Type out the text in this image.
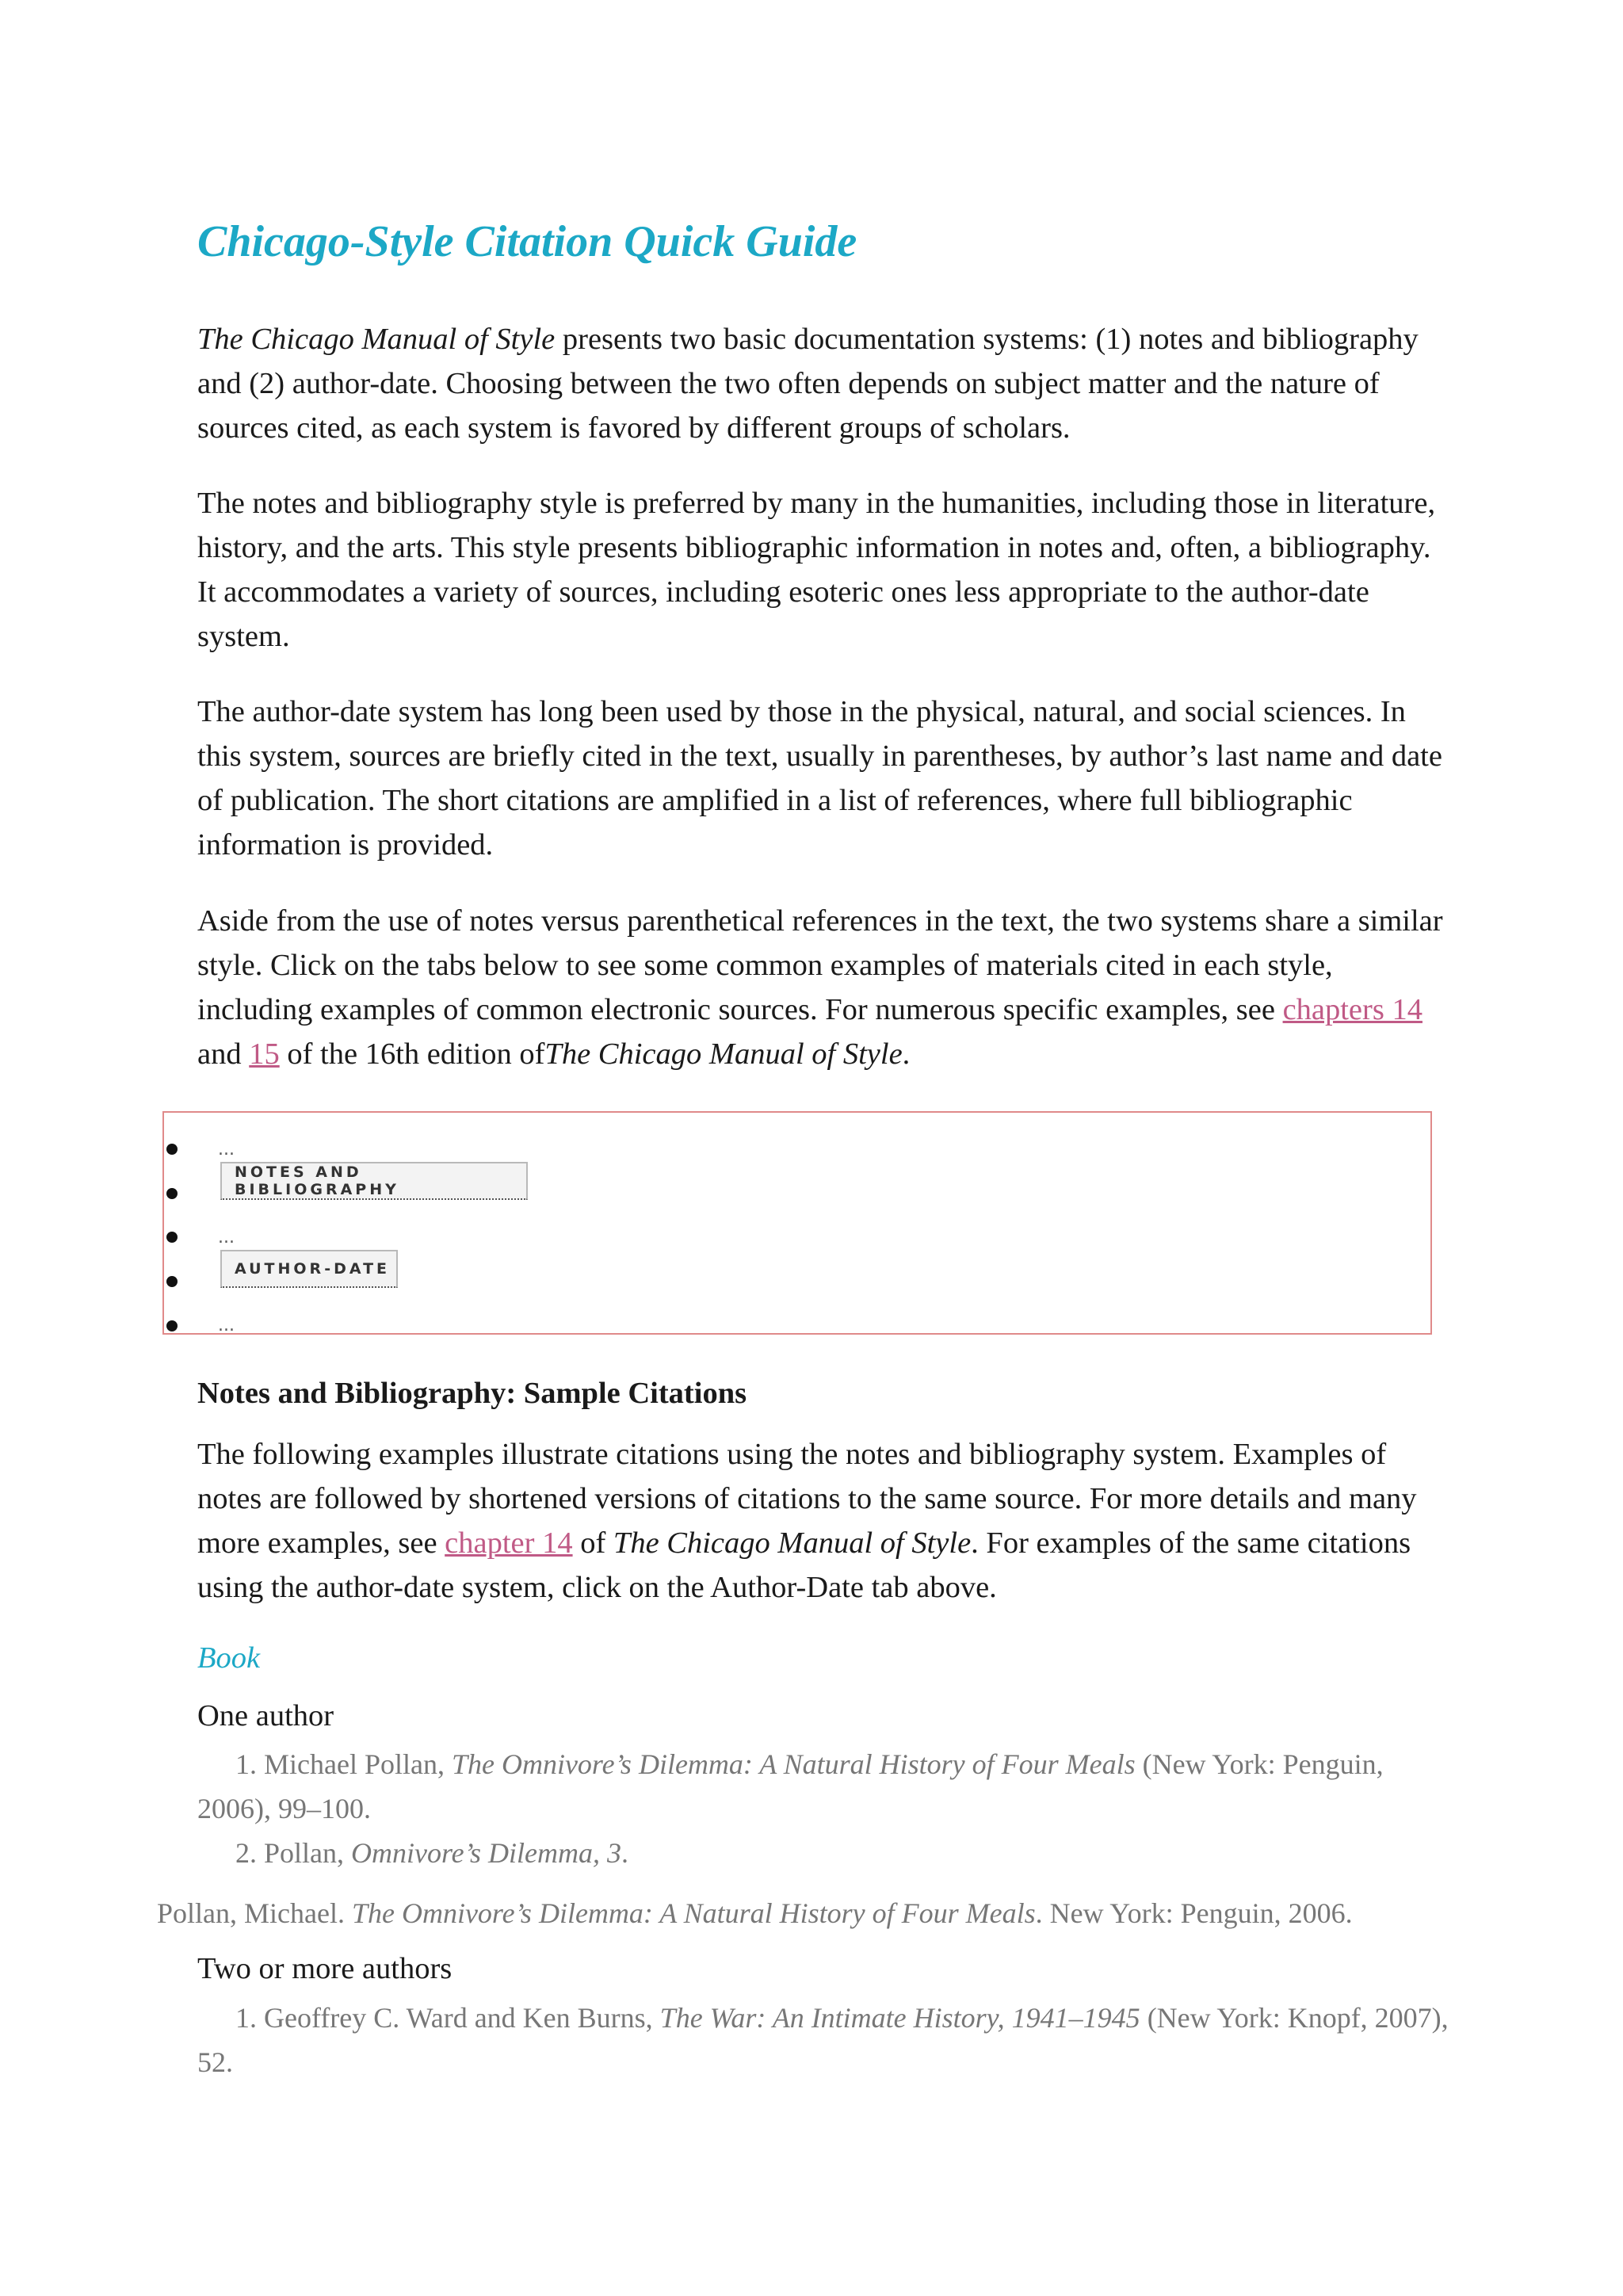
Chicago-Style Citation Quick Guide

The Chicago Manual of Style presents two basic documentation systems: (1) notes and bibliography and (2) author-date. Choosing between the two often depends on subject matter and the nature of sources cited, as each system is favored by different groups of scholars.

The notes and bibliography style is preferred by many in the humanities, including those in literature, history, and the arts. This style presents bibliographic information in notes and, often, a bibliography. It accommodates a variety of sources, including esoteric ones less appropriate to the author-date system.

The author-date system has long been used by those in the physical, natural, and social sciences. In this system, sources are briefly cited in the text, usually in parentheses, by author’s last name and date of publication. The short citations are amplified in a list of references, where full bibliographic information is provided.

Aside from the use of notes versus parenthetical references in the text, the two systems share a similar style. Click on the tabs below to see some common examples of materials cited in each style, including examples of common electronic sources. For numerous specific examples, see chapters 14 and 15 of the 16th edition ofThe Chicago Manual of Style.

...
NOTES AND BIBLIOGRAPHY
...
AUTHOR-DATE
...
Notes and Bibliography: Sample Citations

The following examples illustrate citations using the notes and bibliography system. Examples of notes are followed by shortened versions of citations to the same source. For more details and many more examples, see chapter 14 of The Chicago Manual of Style. For examples of the same citations using the author-date system, click on the Author-Date tab above.

Book
One author

1. Michael Pollan, The Omnivore’s Dilemma: A Natural History of Four Meals (New York: Penguin, 2006), 99–100.

2. Pollan, Omnivore’s Dilemma, 3.

Pollan, Michael. The Omnivore’s Dilemma: A Natural History of Four Meals. New York: Penguin, 2006.

Two or more authors

1. Geoffrey C. Ward and Ken Burns, The War: An Intimate History, 1941–1945 (New York: Knopf, 2007), 52.
